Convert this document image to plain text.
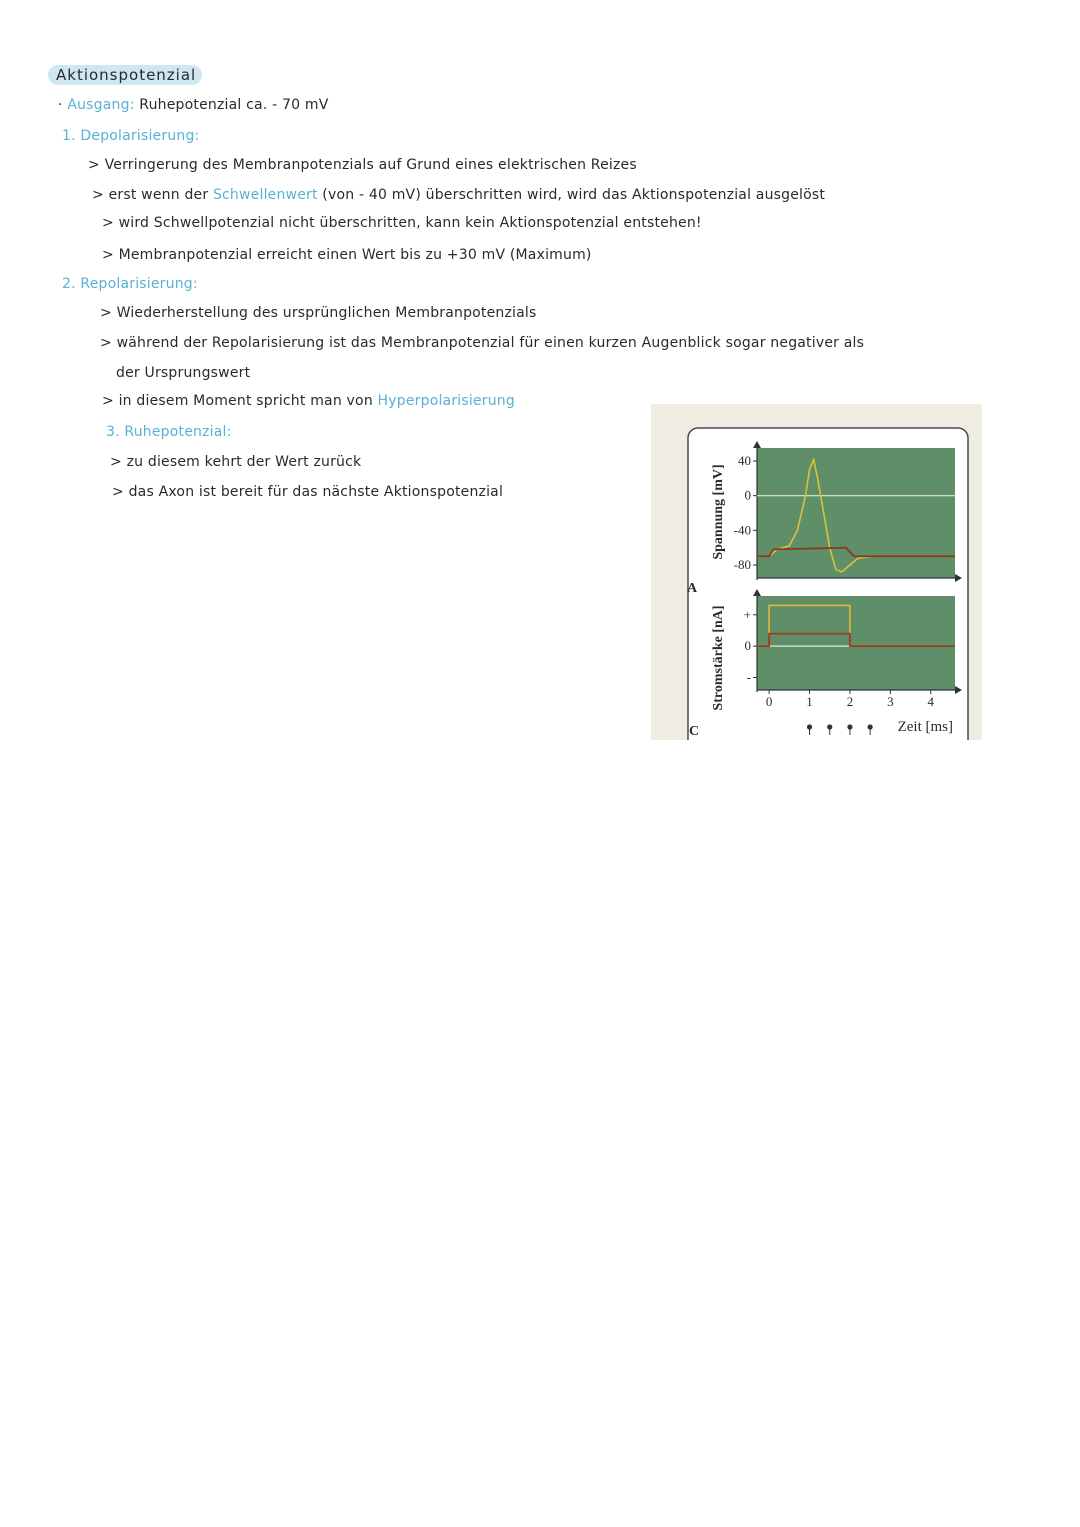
Aktionspotenzial
· Ausgang: Ruhepotenzial ca. - 70 mV
1. Depolarisierung:
> Verringerung des Membranpotenzials auf Grund eines elektrischen Reizes
> erst wenn der Schwellenwert (von - 40 mV) überschritten wird, wird das Aktionspotenzial ausgelöst
> wird Schwellpotenzial nicht überschritten, kann kein Aktionspotenzial entstehen!
> Membranpotenzial erreicht einen Wert bis zu +30 mV (Maximum)
2. Repolarisierung:
> Wiederherstellung des ursprünglichen Membranpotenzials
> während der Repolarisierung ist das Membranpotenzial für einen kurzen Augenblick sogar negativer als
der Ursprungswert
> in diesem Moment spricht man von Hyperpolarisierung
3. Ruhepotenzial:
> zu diesem kehrt der Wert zurück
> das Axon ist bereit für das nächste Aktionspotenzial
A
C
Spannung [mV]
Stromstärke [nA]
Zeit [ms]
40
0
-40
-80
+
0
-
0	1	2	3	4
